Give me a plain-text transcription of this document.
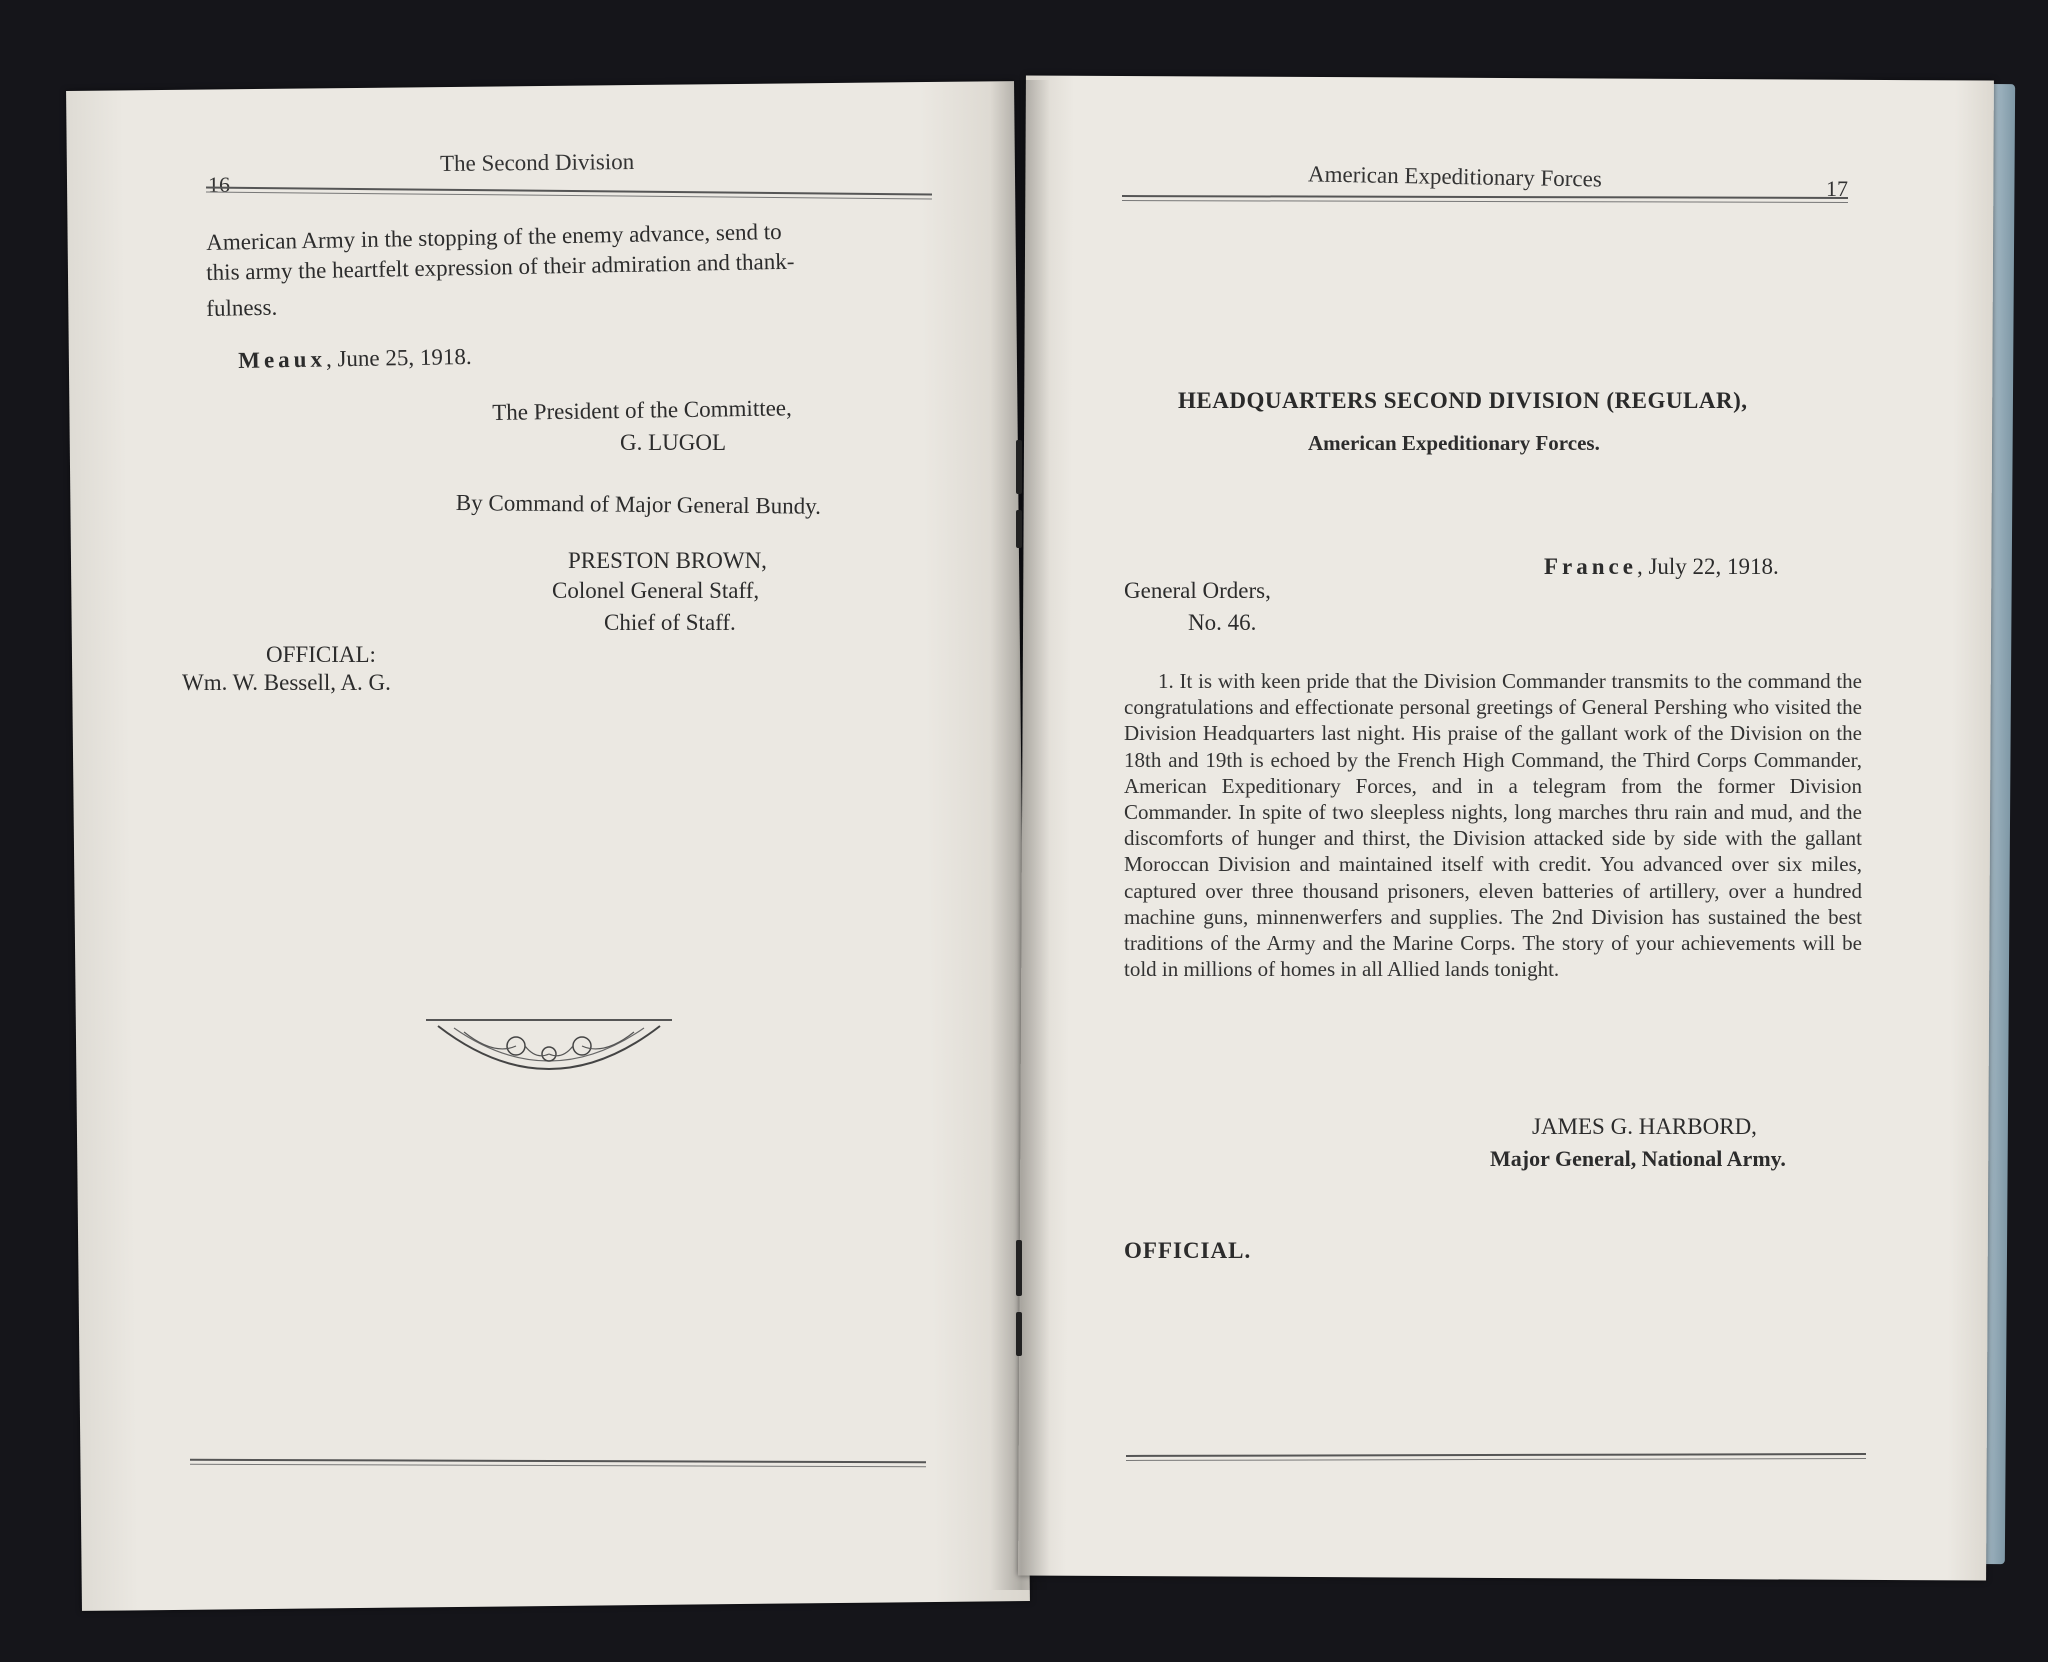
16
The Second Division
American Army in the stopping of the enemy advance, send to
this army the heartfelt expression of their admiration and thank-
fulness.
Meaux, June 25, 1918.
The President of the Committee,
G. LUGOL
By Command of Major General Bundy.
PRESTON BROWN,
Colonel General Staff,
Chief of Staff.
OFFICIAL:
Wm. W. Bessell, A. G.
American Expeditionary Forces	17
HEADQUARTERS SECOND DIVISION (REGULAR),
American Expeditionary Forces.
France, July 22, 1918.
General Orders,
No. 46.
1. It is with keen pride that the Division Commander transmits to the command the congratulations and effectionate personal greetings of General Pershing who visited the Division Headquarters last night. His praise of the gallant work of the Division on the 18th and 19th is echoed by the French High Command, the Third Corps Commander, American Expeditionary Forces, and in a telegram from the former Division Commander. In spite of two sleepless nights, long marches thru rain and mud, and the discomforts of hunger and thirst, the Division attacked side by side with the gallant Moroccan Division and maintained itself with credit. You advanced over six miles, captured over three thousand prisoners, eleven batteries of artillery, over a hundred machine guns, minnenwerfers and supplies. The 2nd Division has sustained the best traditions of the Army and the Marine Corps. The story of your achievements will be told in millions of homes in all Allied lands tonight.
JAMES G. HARBORD,
Major General, National Army.
OFFICIAL.
